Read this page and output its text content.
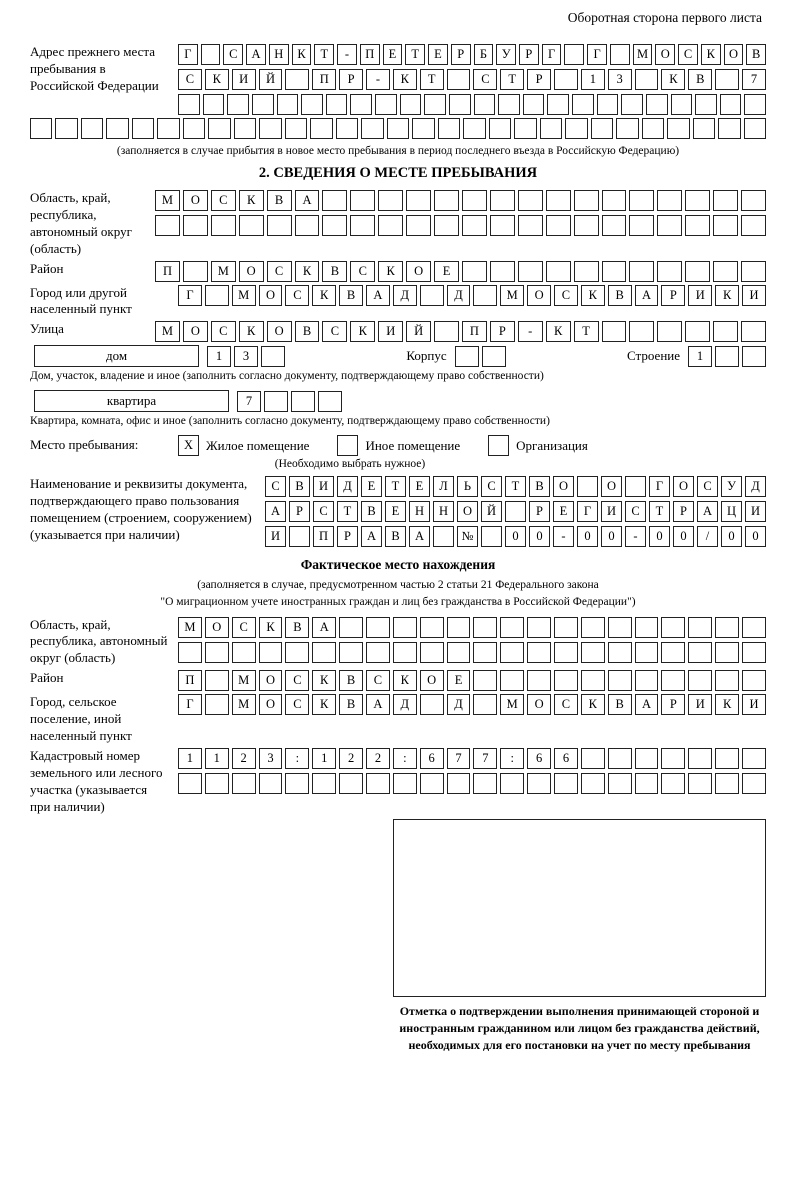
Оборотная сторона первого листа
Адрес прежнего места пребывания в Российской Федерации
Г	С	А	Н	К	Т	-	П	Е	Т	Е	Р	Б	У	Р	Г	Г	М	О	С	К	О	В
С	К	И	Й	П	Р	-	К	Т	С	Т	Р	1	3	К	В	7
(заполняется в случае прибытия в новое место пребывания в период последнего въезда в Российскую Федерацию)
2. СВЕДЕНИЯ О МЕСТЕ ПРЕБЫВАНИЯ
Область, край, республика, автономный округ (область)
М	О	С	К	В	А
Район	П	М	О	С	К	В	С	К	О	Е
Город или другой населенный пункт
Г	М	О	С	К	В	А	Д	Д	М	О	С	К	В	А	Р	И	К	И
Улица	М	О	С	К	О	В	С	К	И	Й	П	Р	-	К	Т
дом	1	3	Корпус	Строение	1
Дом, участок, владение и иное (заполнить согласно документу, подтверждающему право собственности)
квартира	7
Квартира, комната, офис и иное (заполнить согласно документу, подтверждающему право собственности)
Место пребывания:	X Жилое помещение	Иное помещение	Организация
(Необходимо выбрать нужное)
Наименование и реквизиты документа, подтверждающего право пользования помещением (строением, сооружением) (указывается при наличии)
С	В	И	Д	Е	Т	Е	Л	Ь	С	Т	В	О	О	Г	О	С	У	Д
А	Р	С	Т	В	Е	Н	Н	О	Й	Р	Е	Г	И	С	Т	Р	А	Ц	И
И	П	Р	А	В	А	№	0	0	-	0	0	-	0	0	/	0	0
Фактическое место нахождения
(заполняется в случае, предусмотренном частью 2 статьи 21 Федерального закона
"О миграционном учете иностранных граждан и лиц без гражданства в Российской Федерации")
Область, край, республика, автономный округ (область)
М	О	С	К	В	А
Район	П	М	О	С	К	В	С	К	О	Е
Город, сельское поселение, иной населенный пункт
Г	М	О	С	К	В	А	Д	Д	М	О	С	К	В	А	Р	И	К	И
Кадастровый номер земельного или лесного участка (указывается при наличии)
1	1	2	3	:	1	2	2	:	6	7	7	:	6	6
Отметка о подтверждении выполнения принимающей стороной и иностранным гражданином или лицом без гражданства действий, необходимых для его постановки на учет по месту пребывания
